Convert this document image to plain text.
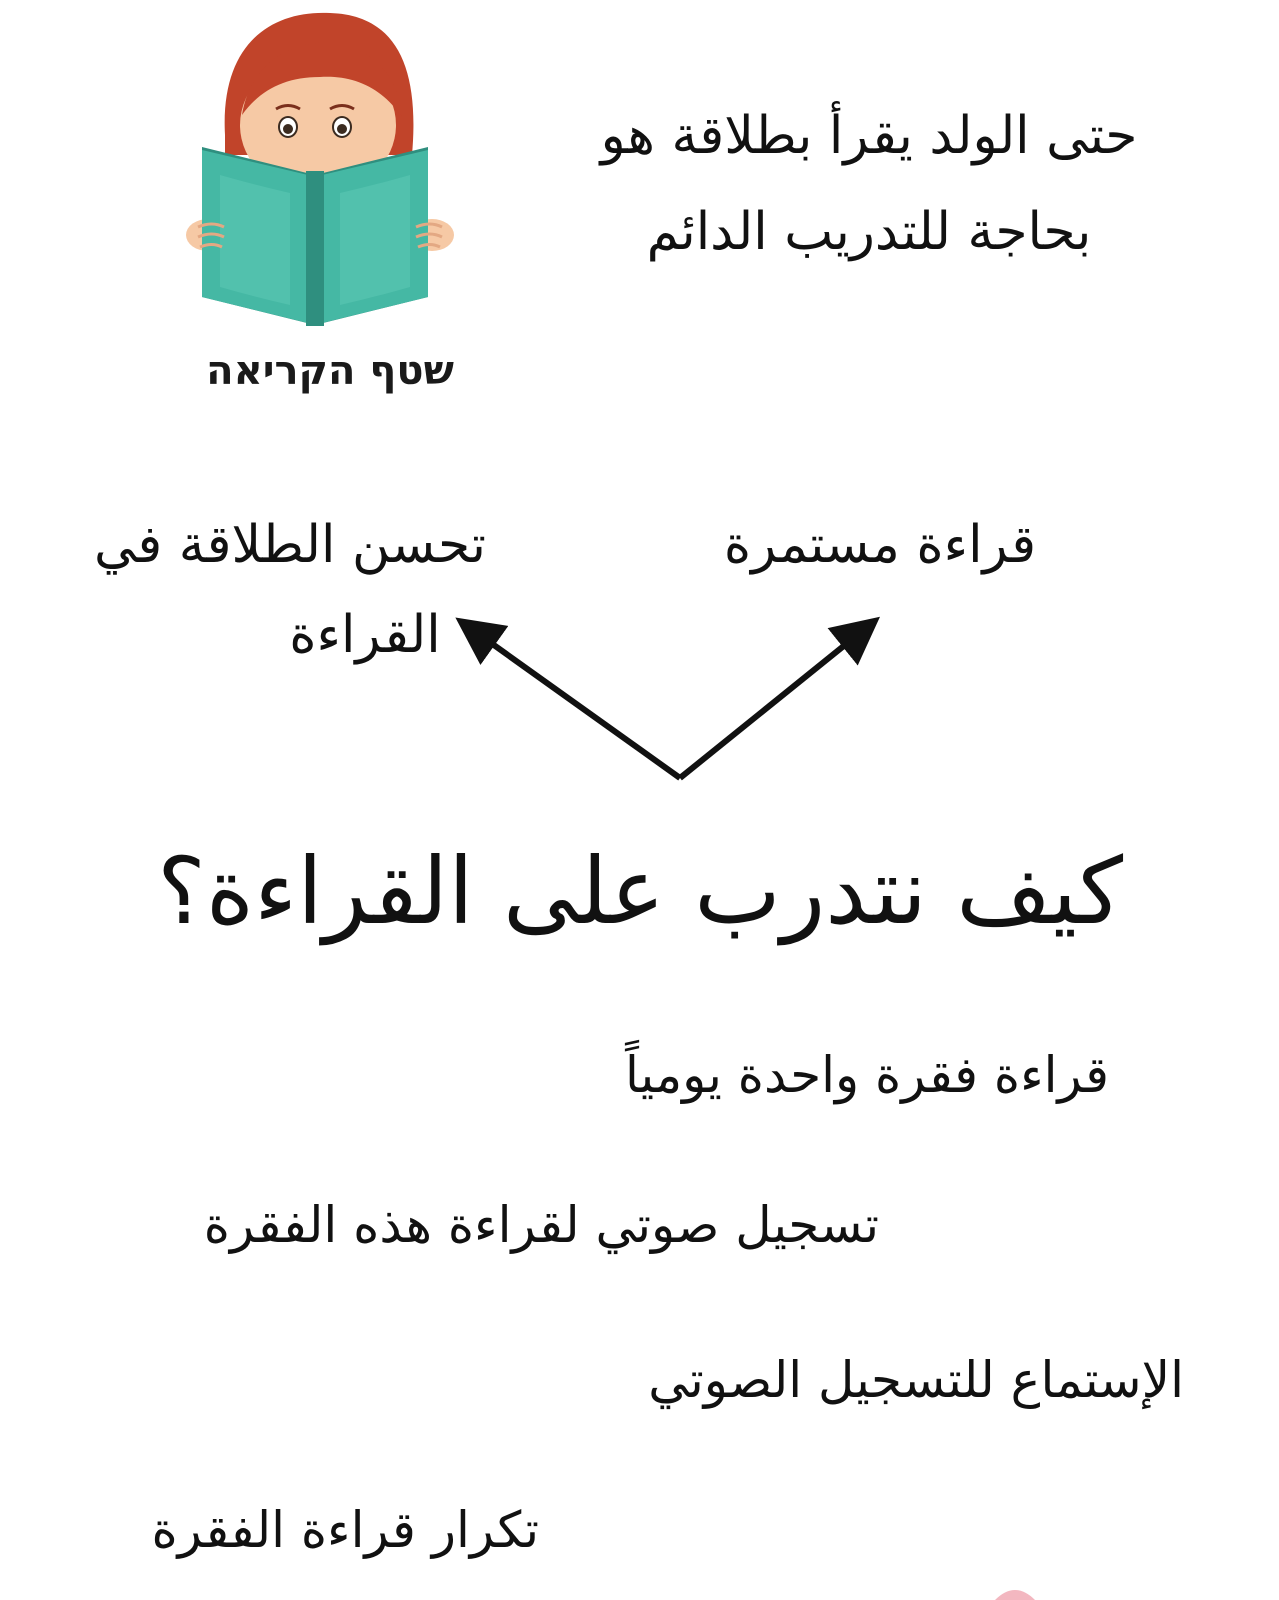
حتى الولد يقرأ بطلاقة هو
بحاجة للتدريب الدائم
שטף הקריאה
قراءة مستمرة
تحسن الطلاقة في
القراءة
كيف نتدرب على القراءة؟
قراءة فقرة واحدة يومياً
تسجيل صوتي لقراءة هذه الفقرة
الإستماع للتسجيل الصوتي
تكرار قراءة الفقرة
